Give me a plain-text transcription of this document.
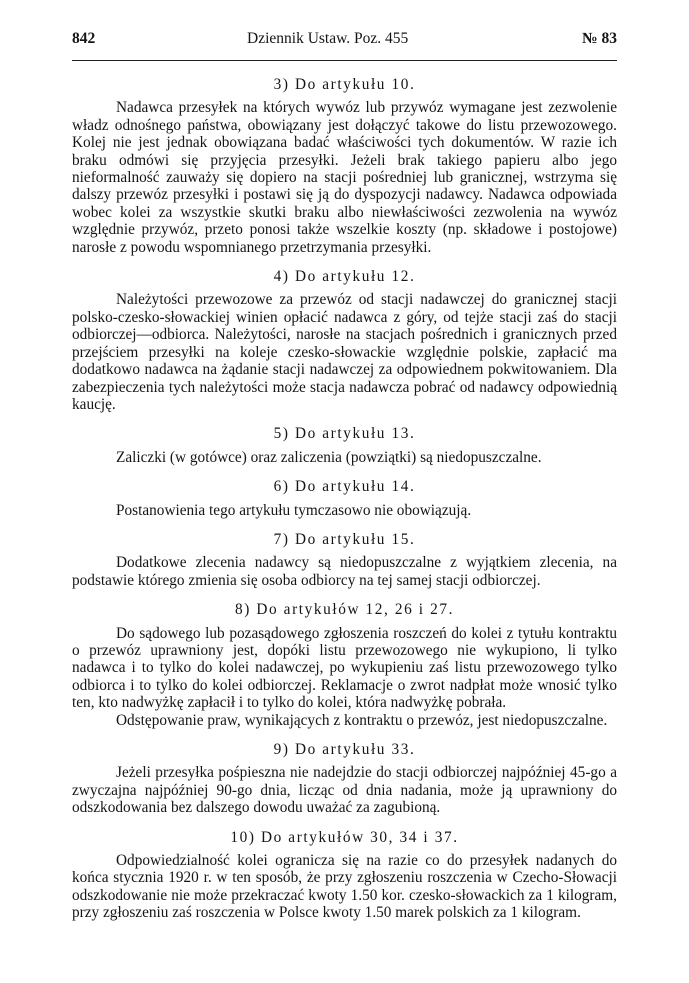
842	Dziennik Ustaw. Poz. 455	№ 83
3) Do artykułu 10.

Nadawca przesyłek na których wywóz lub przywóz wymagane jest zezwolenie władz odnośnego państwa, obowiązany jest dołączyć takowe do listu przewozowego. Kolej nie jest jednak obowiązana badać właściwości tych dokumentów. W razie ich braku odmówi się przyjęcia przesyłki. Jeżeli brak takiego papieru albo jego nieformalność zauważy się dopiero na stacji pośredniej lub granicznej, wstrzyma się dalszy przewóz przesyłki i postawi się ją do dyspozycji nadawcy. Nadawca odpowiada wobec kolei za wszystkie skutki braku albo niewłaściwości zezwolenia na wywóz względnie przywóz, przeto ponosi także wszelkie koszty (np. składowe i postojowe) narosłe z powodu wspomnianego przetrzymania przesyłki.

4) Do artykułu 12.

Należytości przewozowe za przewóz od stacji nadawczej do granicznej stacji polsko-czesko-słowackiej winien opłacić nadawca z góry, od tejże stacji zaś do stacji odbiorczej—odbiorca. Należytości, narosłe na stacjach pośrednich i granicznych przed przejściem przesyłki na koleje czesko-słowackie względnie polskie, zapłacić ma dodatkowo nadawca na żądanie stacji nadawczej za odpowiednem pokwitowaniem. Dla zabezpieczenia tych należytości może stacja nadawcza pobrać od nadawcy odpowiednią kaucję.

5) Do artykułu 13.

Zaliczki (w gotówce) oraz zaliczenia (powziątki) są niedopuszczalne.

6) Do artykułu 14.

Postanowienia tego artykułu tymczasowo nie obowiązują.

7) Do artykułu 15.

Dodatkowe zlecenia nadawcy są niedopuszczalne z wyjątkiem zlecenia, na podstawie którego zmienia się osoba odbiorcy na tej samej stacji odbiorczej.

8) Do artykułów 12, 26 i 27.

Do sądowego lub pozasądowego zgłoszenia roszczeń do kolei z tytułu kontraktu o przewóz uprawniony jest, dopóki listu przewozowego nie wykupiono, li tylko nadawca i to tylko do kolei nadawczej, po wykupieniu zaś listu przewozowego tylko odbiorca i to tylko do kolei odbiorczej. Reklamacje o zwrot nadpłat może wnosić tylko ten, kto nadwyżkę zapłacił i to tylko do kolei, która nadwyżkę pobrała.

Odstępowanie praw, wynikających z kontraktu o przewóz, jest niedopuszczalne.

9) Do artykułu 33.

Jeżeli przesyłka pośpieszna nie nadejdzie do stacji odbiorczej najpóźniej 45-go a zwyczajna najpóźniej 90-go dnia, licząc od dnia nadania, może ją uprawniony do odszkodowania bez dalszego dowodu uważać za zagubioną.

10) Do artykułów 30, 34 i 37.

Odpowiedzialność kolei ogranicza się na razie co do przesyłek nadanych do końca stycznia 1920 r. w ten sposób, że przy zgłoszeniu roszczenia w Czecho-Słowacji odszkodowanie nie może przekraczać kwoty 1.50 kor. czesko-słowackich za 1 kilogram, przy zgłoszeniu zaś roszczenia w Polsce kwoty 1.50 marek polskich za 1 kilogram.
